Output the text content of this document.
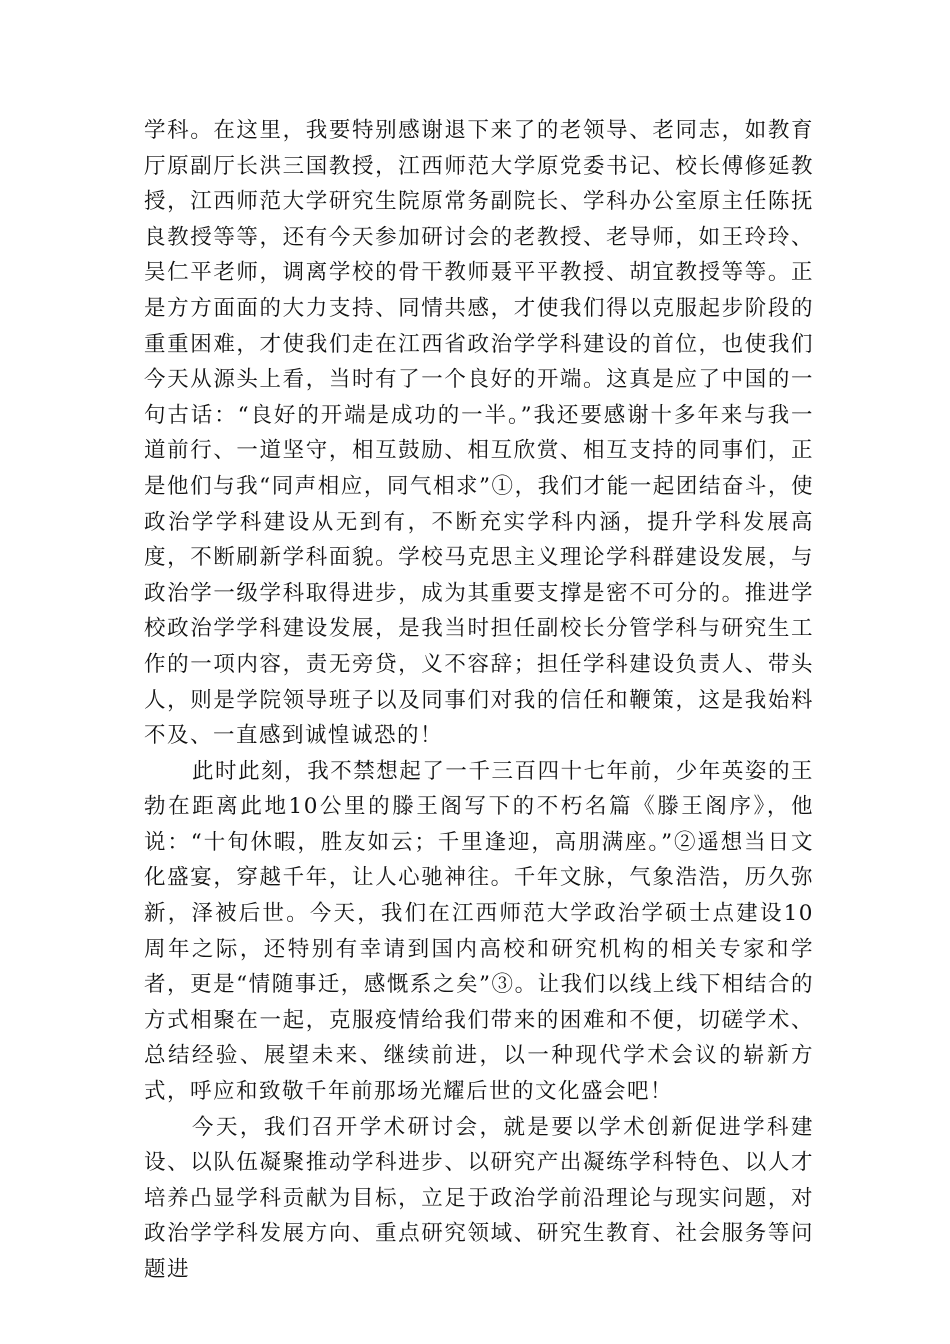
学科。在这里，我要特别感谢退下来了的老领导、老同志，如教育厅原副厅长洪三国教授，江西师范大学原党委书记、校长傅修延教授，江西师范大学研究生院原常务副院长、学科办公室原主任陈抚良教授等等，还有今天参加研讨会的老教授、老导师，如王玲玲、吴仁平老师，调离学校的骨干教师聂平平教授、胡宜教授等等。正是方方面面的大力支持、同情共感，才使我们得以克服起步阶段的重重困难，才使我们走在江西省政治学学科建设的首位，也使我们今天从源头上看，当时有了一个良好的开端。这真是应了中国的一句古话：“良好的开端是成功的一半。”我还要感谢十多年来与我一道前行、一道坚守，相互鼓励、相互欣赏、相互支持的同事们，正是他们与我“同声相应，同气相求”①，我们才能一起团结奋斗，使政治学学科建设从无到有，不断充实学科内涵，提升学科发展高度，不断刷新学科面貌。学校马克思主义理论学科群建设发展，与政治学一级学科取得进步，成为其重要支撑是密不可分的。推进学校政治学学科建设发展，是我当时担任副校长分管学科与研究生工作的一项内容，责无旁贷，义不容辞；担任学科建设负责人、带头人，则是学院领导班子以及同事们对我的信任和鞭策，这是我始料不及、一直感到诚惶诚恐的！

此时此刻，我不禁想起了一千三百四十七年前，少年英姿的王勃在距离此地10公里的滕王阁写下的不朽名篇《滕王阁序》，他说：“十旬休暇，胜友如云；千里逢迎，高朋满座。”②遥想当日文化盛宴，穿越千年，让人心驰神往。千年文脉，气象浩浩，历久弥新，泽被后世。今天，我们在江西师范大学政治学硕士点建设10周年之际，还特别有幸请到国内高校和研究机构的相关专家和学者，更是“情随事迁，感慨系之矣”③。让我们以线上线下相结合的方式相聚在一起，克服疫情给我们带来的困难和不便，切磋学术、总结经验、展望未来、继续前进，以一种现代学术会议的崭新方式，呼应和致敬千年前那场光耀后世的文化盛会吧！

今天，我们召开学术研讨会，就是要以学术创新促进学科建设、以队伍凝聚推动学科进步、以研究产出凝练学科特色、以人才培养凸显学科贡献为目标，立足于政治学前沿理论与现实问题，对政治学学科发展方向、重点研究领域、研究生教育、社会服务等问题进
